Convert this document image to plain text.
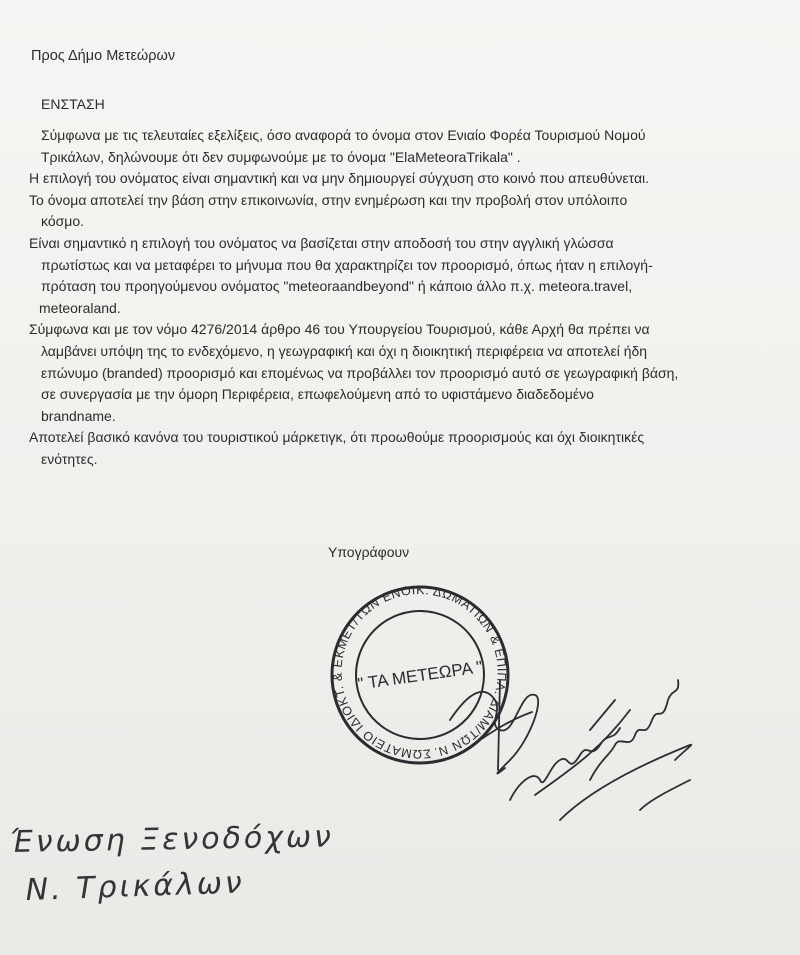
Προς Δήμο Μετεώρων

ΕΝΣΤΑΣΗ

Σύμφωνα με τις τελευταίες εξελίξεις, όσο αναφορά το όνομα στον Ενιαίο Φορέα Τουρισμού Νομού

Τρικάλων, δηλώνουμε ότι δεν συμφωνούμε με το όνομα "ElaMeteoraTrikala" .

Η επιλογή του ονόματος είναι σημαντική και να μην δημιουργεί σύγχυση στο κοινό που απευθύνεται.

Το όνομα αποτελεί την βάση στην επικοινωνία, στην ενημέρωση και την προβολή στον υπόλοιπο

κόσμο.

Είναι σημαντικό η επιλογή του ονόματος να βασίζεται στην αποδοσή του στην αγγλική γλώσσα

πρωτίστως και να μεταφέρει το μήνυμα που θα χαρακτηρίζει τον προορισμό, όπως ήταν η επιλογή-

πρόταση του προηγούμενου ονόματος "meteoraandbeyond" ή κάποιο άλλο π.χ. meteora.travel,

meteoraland.

Σύμφωνα και με τον νόμο 4276/2014 άρθρο 46 του Υπουργείου Τουρισμού, κάθε Αρχή θα πρέπει να

λαμβάνει υπόψη της το ενδεχόμενο, η γεωγραφική και όχι η διοικητική περιφέρεια να αποτελεί ήδη

επώνυμο (branded) προορισμό και επομένως να προβάλλει τον προορισμό αυτό σε γεωγραφική βάση,

σε συνεργασία με την όμορη Περιφέρεια, επωφελούμενη από το υφιστάμενο διαδεδομένο

brandname.

Αποτελεί βασικό κανόνα του τουριστικού μάρκετιγκ, ότι προωθούμε προορισμούς και όχι διοικητικές

ενότητες.

Υπογράφουν

ΣΩΜΑΤΕΙΟ ΙΔΙΟΚΤ. & ΕΚΜΕΤ/ΤΩΝ ΕΝΟΙΚ. ΔΩΜΑΤΙΩΝ & ΕΠΙΠΛ. ΔΙΑΜ/ΤΩΝ Ν.
" ΤΑ ΜΕΤΕΩΡΑ "
Ένωση Ξενοδόχων
Ν. Τρικάλων
